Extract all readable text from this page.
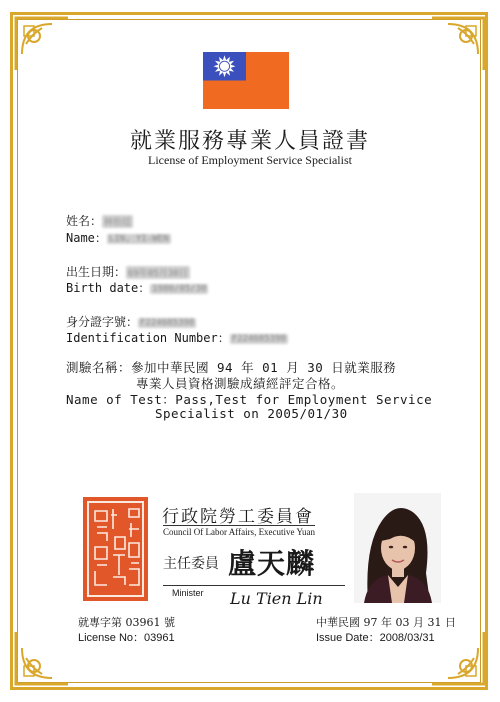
就業服務專業人員證書
License of Employment Service Specialist
姓名： 林怡廷
Name： LIN, YI-WEN
出生日期： 69年05月30日
Birth date： 1980/05/30
身分證字號： F224685398
Identification Number： F224685398
測驗名稱：參加中華民國 94 年 01 月 30 日就業服務
專業人員資格測驗成績經評定合格。
Name of Test：Pass,Test for Employment Service
Specialist on 2005/01/30
行政院勞工委員會
Council Of Labor Affairs, Executive Yuan
主任委員 盧天麟
Minister Lu Tien Lin
就專字第 03961 號
License No：03961
中華民國 97 年 03 月 31 日
Issue Date：2008/03/31
